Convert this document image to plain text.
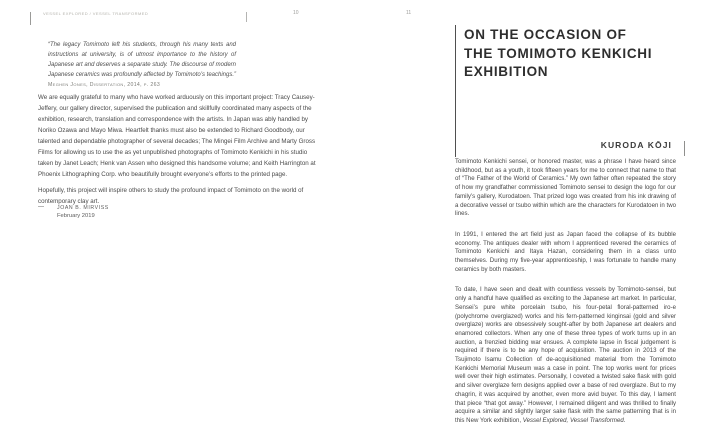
VESSEL EXPLORED / VESSEL TRANSFORMED	10	11
“The legacy Tomimoto left his students, through his many texts and instructions at university, is of utmost importance to the history of Japanese art and deserves a separate study. The discourse of modern Japanese ceramics was profoundly affected by Tomimoto’s teachings.” Meghen Jones, Dissertation, 2014, p. 263

We are equally grateful to many who have worked arduously on this important project: Tracy Causey-Jeffery, our gallery director, supervised the publication and skillfully coordinated many aspects of the exhibition, research, translation and correspondence with the artists. In Japan was ably handled by Noriko Ozawa and Mayo Miwa. Heartfelt thanks must also be extended to Richard Goodbody, our talented and dependable photographer of several decades; The Mingei Film Archive and Marty Gross Films for allowing us to use the as yet unpublished photographs of Tomimoto Kenkichi in his studio taken by Janet Leach; Henk van Assen who designed this handsome volume; and Keith Harrington at Phoenix Lithographing Corp. who beautifully brought everyone’s efforts to the printed page.

Hopefully, this project will inspire others to study the profound impact of Tomimoto on the world of contemporary clay art.

—	JOAN B. MIRVISS
February 2019
ON THE OCCASION OF
THE TOMIMOTO KENKICHI
EXHIBITION
KURODA KŌJI

Tomimoto Kenkichi sensei, or honored master, was a phrase I have heard since childhood, but as a youth, it took fifteen years for me to connect that name to that of “The Father of the World of Ceramics.” My own father often repeated the story of how my grandfather commissioned Tomimoto sensei to design the logo for our family’s gallery, Kurodatoen. That prized logo was created from his ink drawing of a decorative vessel or tsubo within which are the characters for Kurodatoen in two lines.

In 1991, I entered the art field just as Japan faced the collapse of its bubble economy. The antiques dealer with whom I apprenticed revered the ceramics of Tomimoto Kenkichi and Itaya Hazan, considering them in a class unto themselves. During my five-year apprenticeship, I was fortunate to handle many ceramics by both masters.

To date, I have seen and dealt with countless vessels by Tomimoto-sensei, but only a handful have qualified as exciting to the Japanese art market. In particular, Sensei’s pure white porcelain tsubo, his four-petal floral-patterned iro-e (polychrome overglazed) works and his fern-patterned kinginsai (gold and silver overglaze) works are obsessively sought-after by both Japanese art dealers and enamored collectors. When any one of these three types of work turns up in an auction, a frenzied bidding war ensues. A complete lapse in fiscal judgement is required if there is to be any hope of acquisition. The auction in 2013 of the Tsujimoto Isamu Collection of de-acquisitioned material from the Tomimoto Kenkichi Memorial Museum was a case in point. The top works went for prices well over their high estimates. Personally, I coveted a twisted sake flask with gold and silver overglaze fern designs applied over a base of red overglaze. But to my chagrin, it was acquired by another, even more avid buyer. To this day, I lament that piece “that got away.” However, I remained diligent and was thrilled to finally acquire a similar and slightly larger sake flask with the same patterning that is in this New York exhibition, Vessel Explored, Vessel Transformed.
